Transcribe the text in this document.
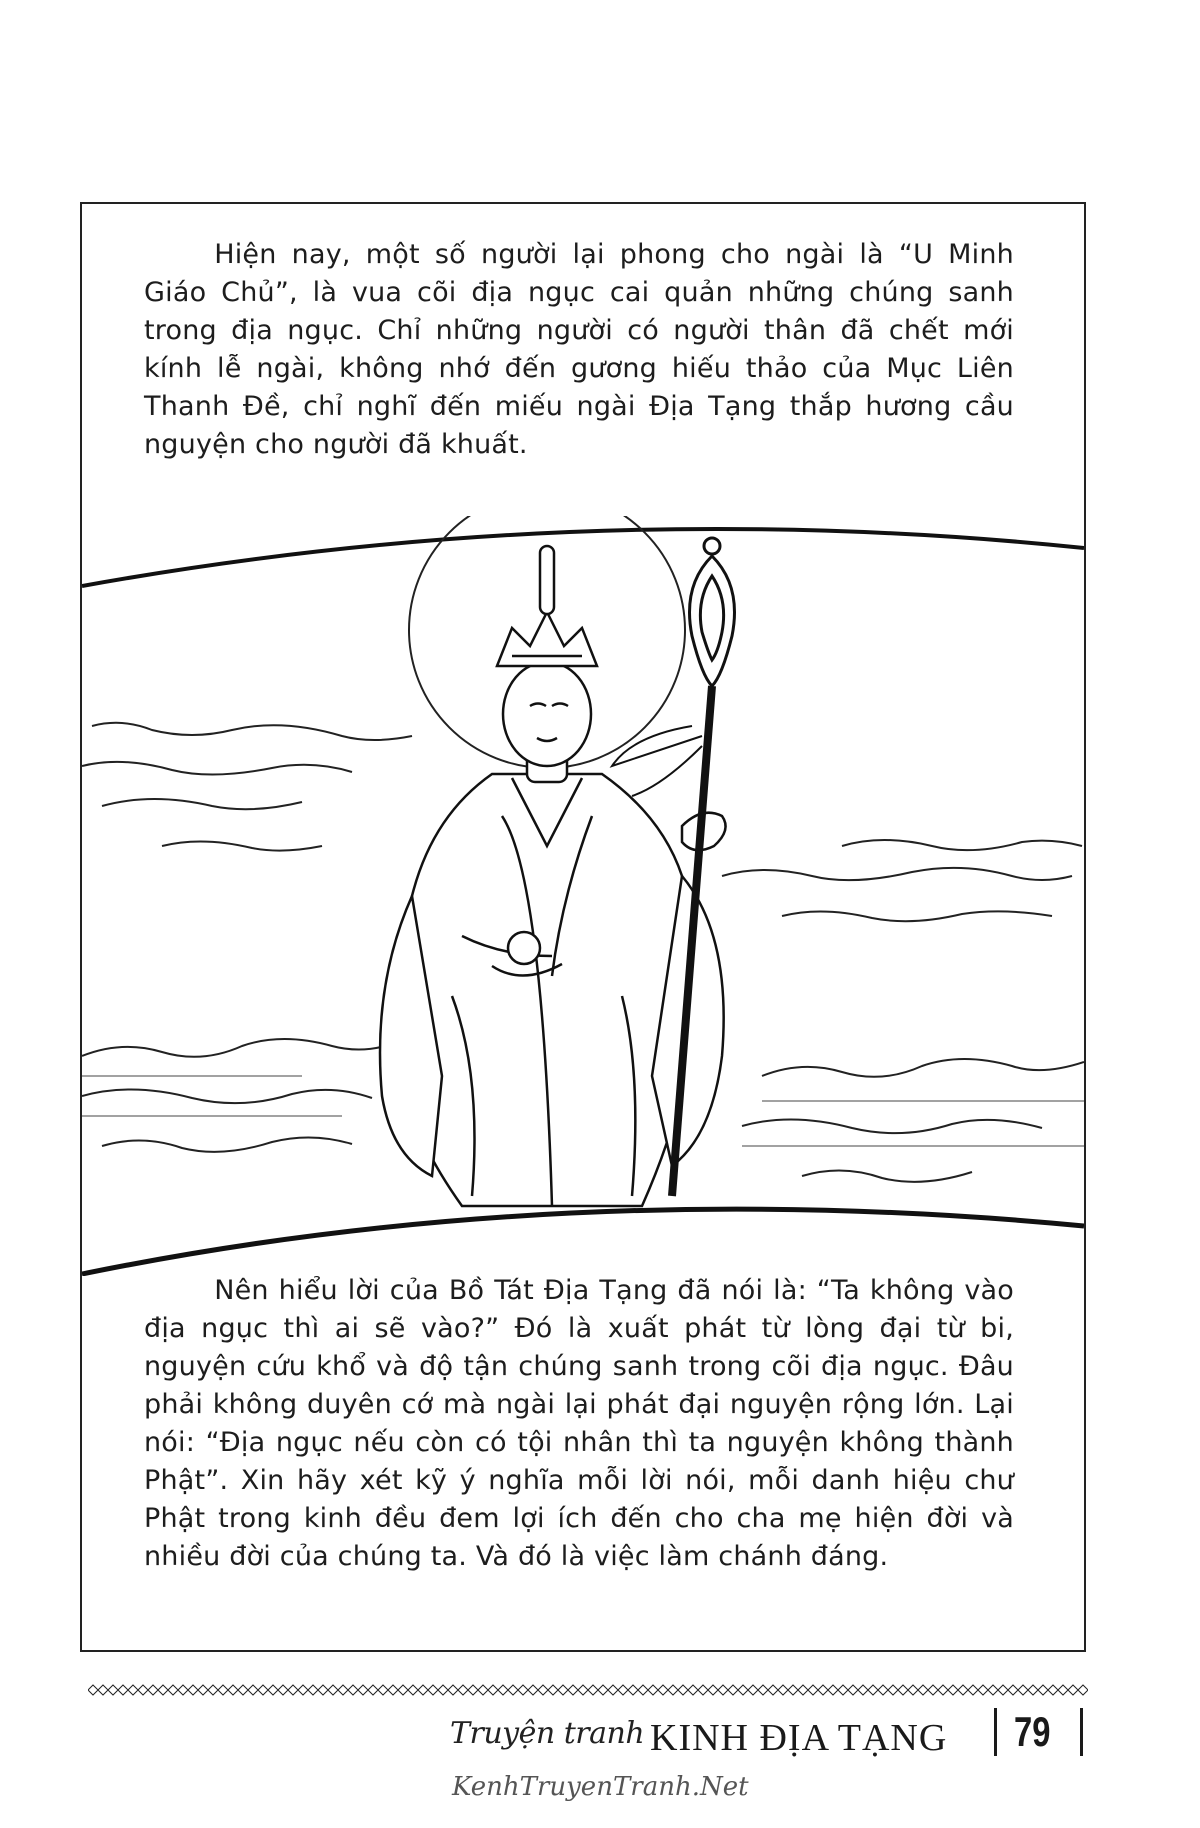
Hiện nay, một số người lại phong cho ngài là “U Minh Giáo Chủ”, là vua cõi địa ngục cai quản những chúng sanh trong địa ngục. Chỉ những người có người thân đã chết mới kính lễ ngài, không nhớ đến gương hiếu thảo của Mục Liên Thanh Đề, chỉ nghĩ đến miếu ngài Địa Tạng thắp hương cầu nguyện cho người đã khuất.

Nên hiểu lời của Bồ Tát Địa Tạng đã nói là: “Ta không vào địa ngục thì ai sẽ vào?” Đó là xuất phát từ lòng đại từ bi, nguyện cứu khổ và độ tận chúng sanh trong cõi địa ngục. Đâu phải không duyên cớ mà ngài lại phát đại nguyện rộng lớn. Lại nói: “Địa ngục nếu còn có tội nhân thì ta nguyện không thành Phật”. Xin hãy xét kỹ ý nghĩa mỗi lời nói, mỗi danh hiệu chư Phật trong kinh đều đem lợi ích đến cho cha mẹ hiện đời và nhiều đời của chúng ta. Và đó là việc làm chánh đáng.

Truyện tranh KINH ĐỊA TẠNG 79
KenhTruyenTranh.Net
